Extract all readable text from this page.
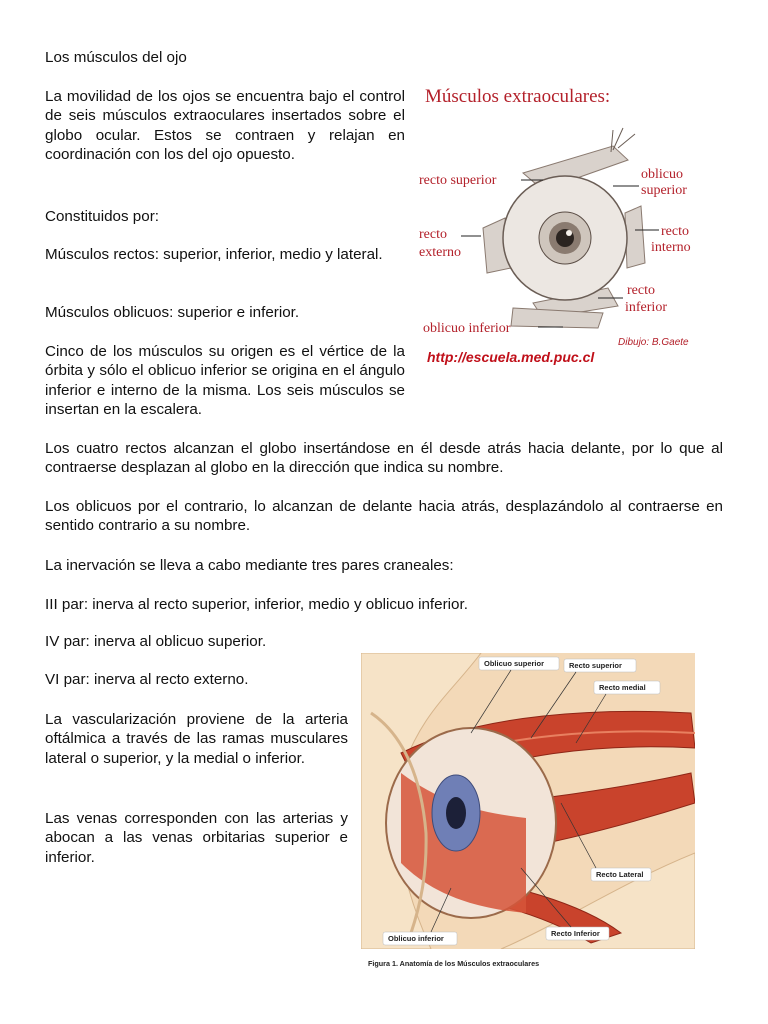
Los músculos del ojo

La movilidad de los ojos se encuentra bajo el control de seis músculos extraoculares insertados sobre el globo ocular. Estos se contraen y relajan en coordinación con los del ojo opuesto.

Constituidos por:

Músculos rectos: superior, inferior, medio y lateral.

Músculos oblicuos: superior e inferior.

Cinco de los músculos su origen es el vértice de la órbita y sólo el oblicuo inferior se origina en el ángulo inferior e interno de la misma. Los seis músculos se insertan en la escalera.

Los cuatro rectos alcanzan el globo insertándose en él desde atrás hacia delante, por lo que al contraerse desplazan al globo en la dirección que indica su nombre.

Los oblicuos por el contrario, lo alcanzan de delante hacia atrás, desplazándolo al contraerse en sentido contrario a su nombre.

La inervación se lleva a cabo mediante tres pares craneales:

III par: inerva al recto superior, inferior, medio y oblicuo inferior.

IV par: inerva al oblicuo superior.

VI par: inerva al recto externo.

La vascularización proviene de la arteria oftálmica a través de las ramas musculares lateral o superior, y la medial o inferior.

Las venas corresponden con las arterias y abocan a las venas orbitarias superior e inferior.

Músculos extraoculares:
recto superior	oblicuo
superior
recto
externo
recto
interno
recto
inferior
oblicuo inferior
Dibujo: B.Gaete
http://escuela.med.puc.cl
Oblicuo superior	Recto superior
Recto medial
Recto Lateral
Recto Inferior
Oblicuo inferior
Figura 1. Anatomía de los Músculos extraoculares
